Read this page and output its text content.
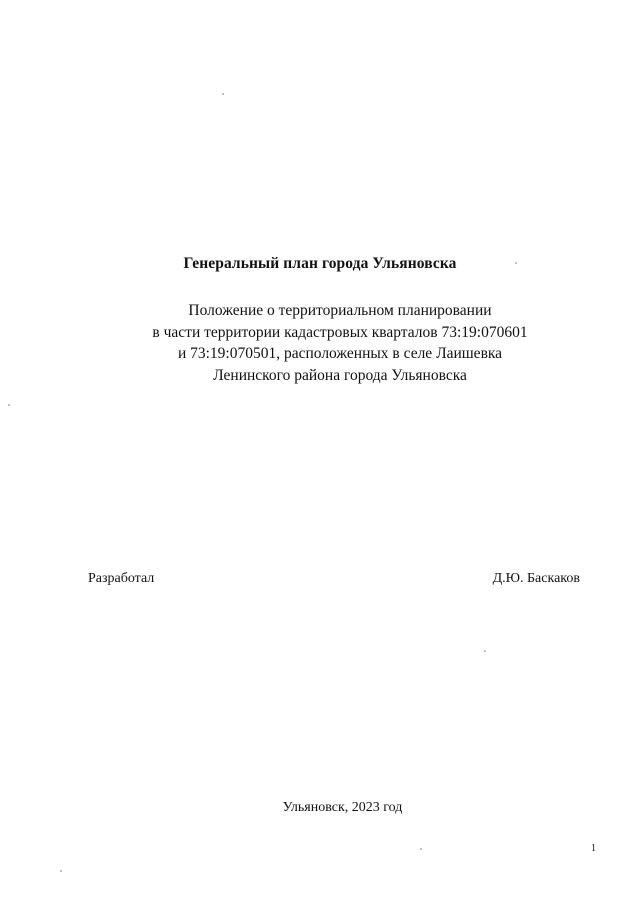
Генеральный план города Ульяновска
Положение о территориальном планировании
в части территории кадастровых кварталов 73:19:070601
и 73:19:070501, расположенных в селе Лаишевка
Ленинского района города Ульяновска
Разработал	Д.Ю. Баскаков
Ульяновск, 2023 год
1
